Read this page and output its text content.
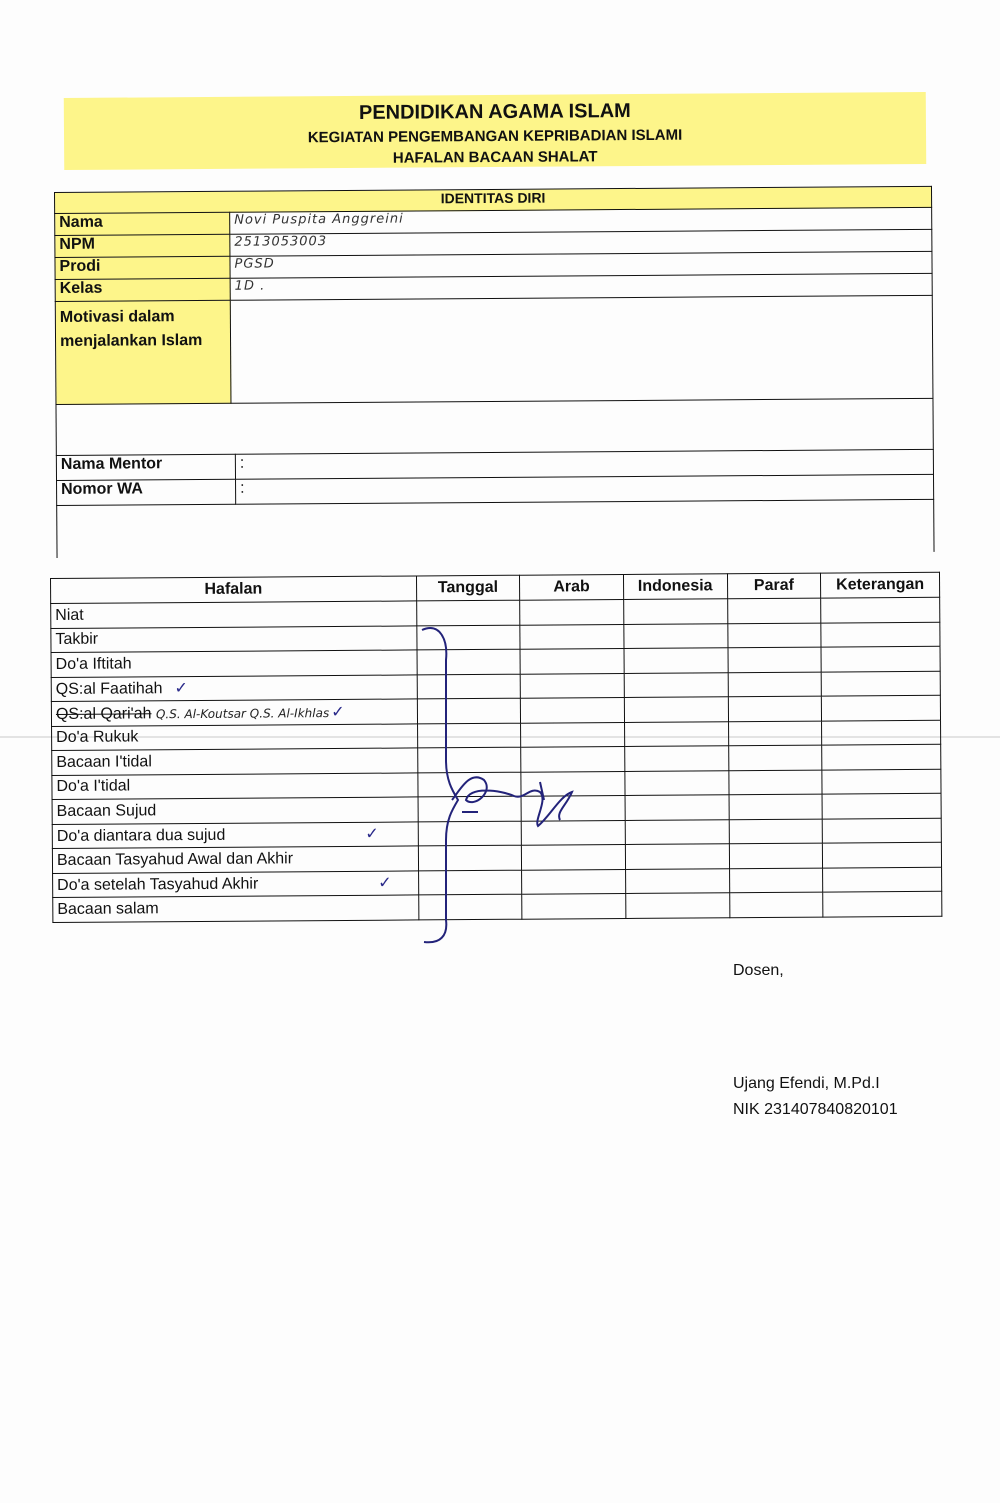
PENDIDIKAN AGAMA ISLAM
KEGIATAN PENGEMBANGAN KEPRIBADIAN ISLAMI
HAFALAN BACAAN SHALAT
IDENTITAS DIRI	
Nama	Novi Puspita Anggreini
NPM	2513053003
Prodi	PGSD
Kelas	1D .
Motivasi dalam menjalankan Islam	
Nama Mentor	:
Nomor WA	:
Hafalan	Tanggal	Arab	Indonesia	Paraf	Keterangan
Niat					
Takbir					
Do'a Iftitah					
QS:al Faatihah ✓					
QS:al Qari'ah Q.S. Al-Koutsar Q.S. Al-Ikhlas ✓					
Do'a Rukuk					
Bacaan I'tidal					
Do'a I'tidal					
Bacaan Sujud					
Do'a diantara dua sujud ✓					
Bacaan Tasyahud Awal dan Akhir					
Do'a setelah Tasyahud Akhir ✓					
Bacaan salam					
Dosen,
Ujang Efendi, M.Pd.I
NIK 231407840820101
